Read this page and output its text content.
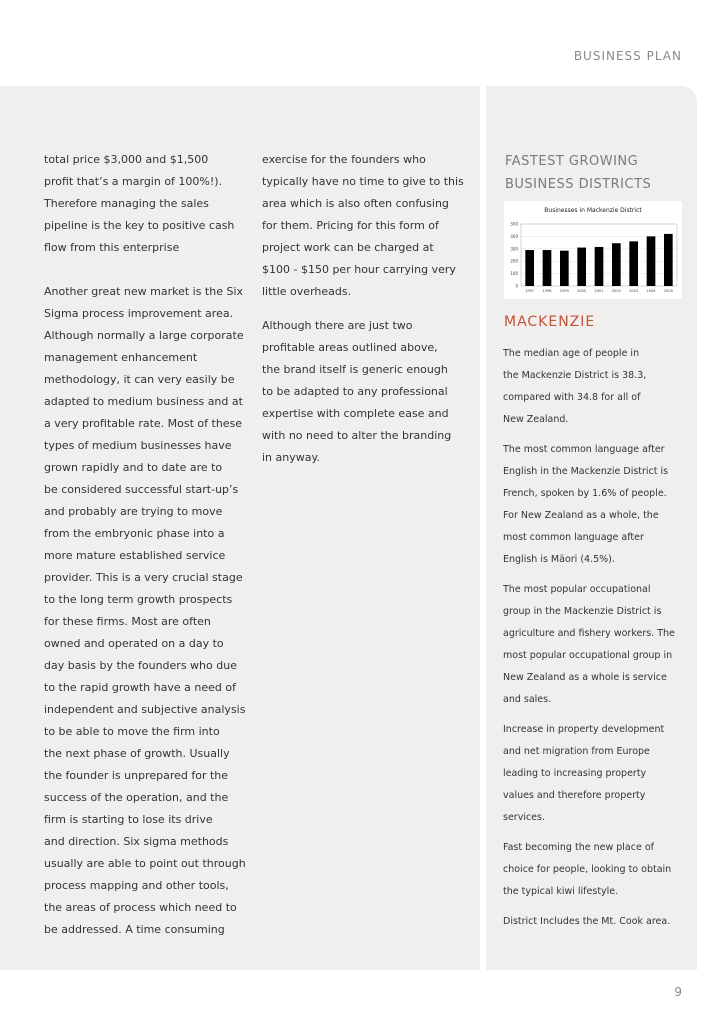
BUSINESS PLAN
total price $3,000 and $1,500
profit that’s a margin of 100%!).
Therefore managing the sales
pipeline is the key to positive cash
flow from this enterprise
Another great new market is the Six
Sigma process improvement area.
Although normally a large corporate
management enhancement
methodology, it can very easily be
adapted to medium business and at
a very profitable rate. Most of these
types of medium businesses have
grown rapidly and to date are to
be considered successful start-up’s
and probably are trying to move
from the embryonic phase into a
more mature established service
provider. This is a very crucial stage
to the long term growth prospects
for these firms. Most are often
owned and operated on a day to
day basis by the founders who due
to the rapid growth have a need of
independent and subjective analysis
to be able to move the firm into
the next phase of growth. Usually
the founder is unprepared for the
success of the operation, and the
firm is starting to lose its drive
and direction. Six sigma methods
usually are able to point out through
process mapping and other tools,
the areas of process which need to
be addressed. A time consuming
exercise for the founders who
typically have no time to give to this
area which is also often confusing
for them. Pricing for this form of
project work can be charged at
$100 - $150 per hour carrying very
little overheads.
Although there are just two
profitable areas outlined above,
the brand itself is generic enough
to be adapted to any professional
expertise with complete ease and
with no need to alter the branding
in anyway.
FASTEST GROWING
BUSINESS DISTRICTS
Businesses in Mackenzie District
0
100
200
300
400
500
1997 1998 1999 2000 2001 2002 2003 2004 2005
MACKENZIE
The median age of people in
the Mackenzie District is 38.3,
compared with 34.8 for all of
New Zealand.
The most common language after
English in the Mackenzie District is
French, spoken by 1.6% of people.
For New Zealand as a whole, the
most common language after
English is Mäori (4.5%).
The most popular occupational
group in the Mackenzie District is
agriculture and fishery workers. The
most popular occupational group in
New Zealand as a whole is service
and sales.
Increase in property development
and net migration from Europe
leading to increasing property
values and therefore property
services.
Fast becoming the new place of
choice for people, looking to obtain
the typical kiwi lifestyle.
District Includes the Mt. Cook area.
9
